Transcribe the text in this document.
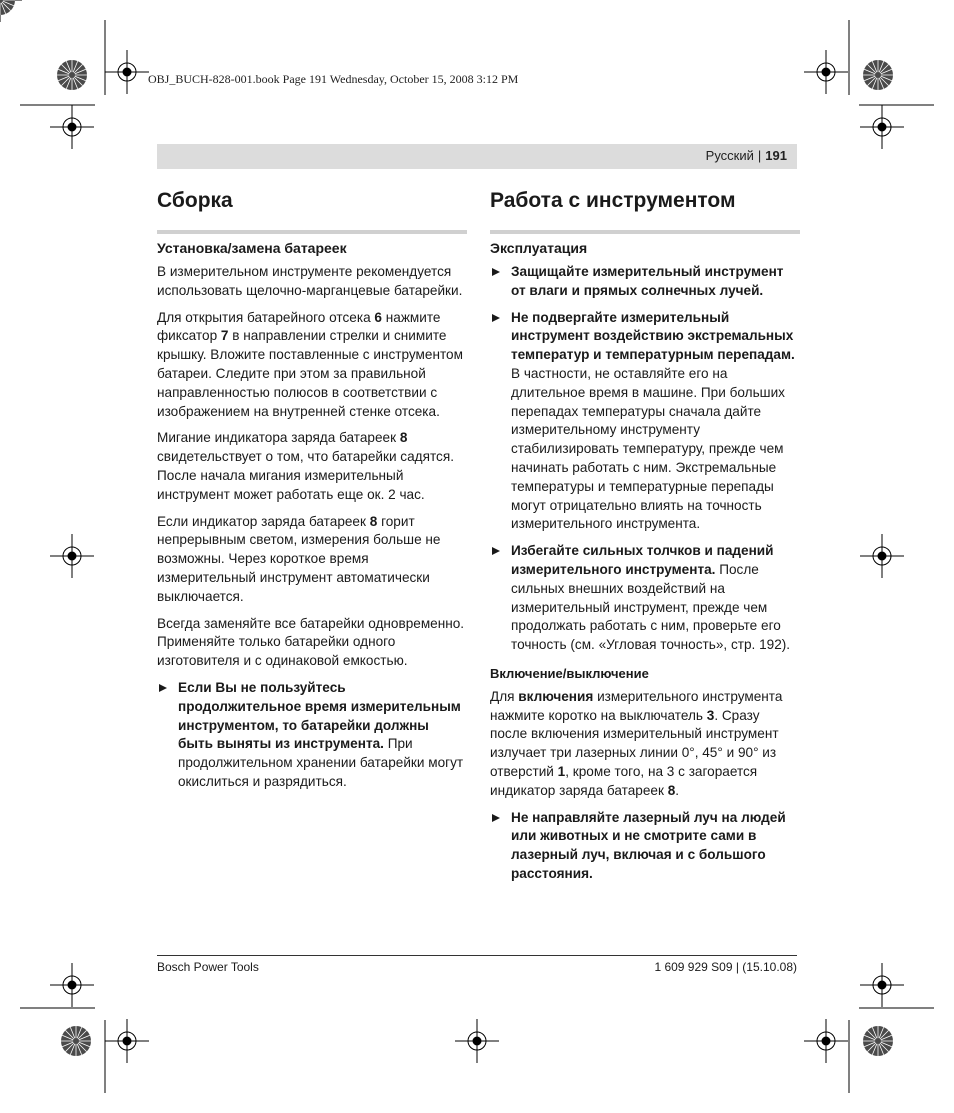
OBJ_BUCH-828-001.book Page 191 Wednesday, October 15, 2008 3:12 PM
Русский | 191
Сборка
Установка/замена батареек

В измерительном инструменте рекомендуется использовать щелочно-марганцевые батарейки.

Для открытия батарейного отсека 6 нажмите фиксатор 7 в направлении стрелки и снимите крышку. Вложите поставленные с инструментом батареи. Следите при этом за правильной направленностью полюсов в соответствии с изображением на внутренней стенке отсека.

Мигание индикатора заряда батареек 8 свидетельствует о том, что батарейки садятся. После начала мигания измерительный инструмент может работать еще ок. 2 час.

Если индикатор заряда батареек 8 горит непрерывным светом, измерения больше не возможны. Через короткое время измерительный инструмент автоматически выключается.

Всегда заменяйте все батарейки одновременно. Применяйте только батарейки одного изготовителя и с одинаковой емкостью.

Если Вы не пользуйтесь продолжительное время измерительным инструментом, то батарейки должны быть выняты из инструмента. При продолжительном хранении батарейки могут окислиться и разрядиться.
Работа с инструментом
Эксплуатация
Защищайте измерительный инструмент от влаги и прямых солнечных лучей.
Не подвергайте измерительный инструмент воздействию экстремальных температур и температурным перепадам. В частности, не оставляйте его на длительное время в машине. При больших перепадах температуры сначала дайте измерительному инструменту стабилизировать температуру, прежде чем начинать работать с ним. Экстремальные температуры и температурные перепады могут отрицательно влиять на точность измерительного инструмента.
Избегайте сильных толчков и падений измерительного инструмента. После сильных внешних воздействий на измерительный инструмент, прежде чем продолжать работать с ним, проверьте его точность (см. «Угловая точность», стр. 192).
Включение/выключение

Для включения измерительного инструмента нажмите коротко на выключатель 3. Сразу после включения измерительный инструмент излучает три лазерных линии 0°, 45° и 90° из отверстий 1, кроме того, на 3 с загорается индикатор заряда батареек 8.

Не направляйте лазерный луч на людей или животных и не смотрите сами в лазерный луч, включая и с большого расстояния.
Bosch Power Tools	1 609 929 S09 | (15.10.08)
